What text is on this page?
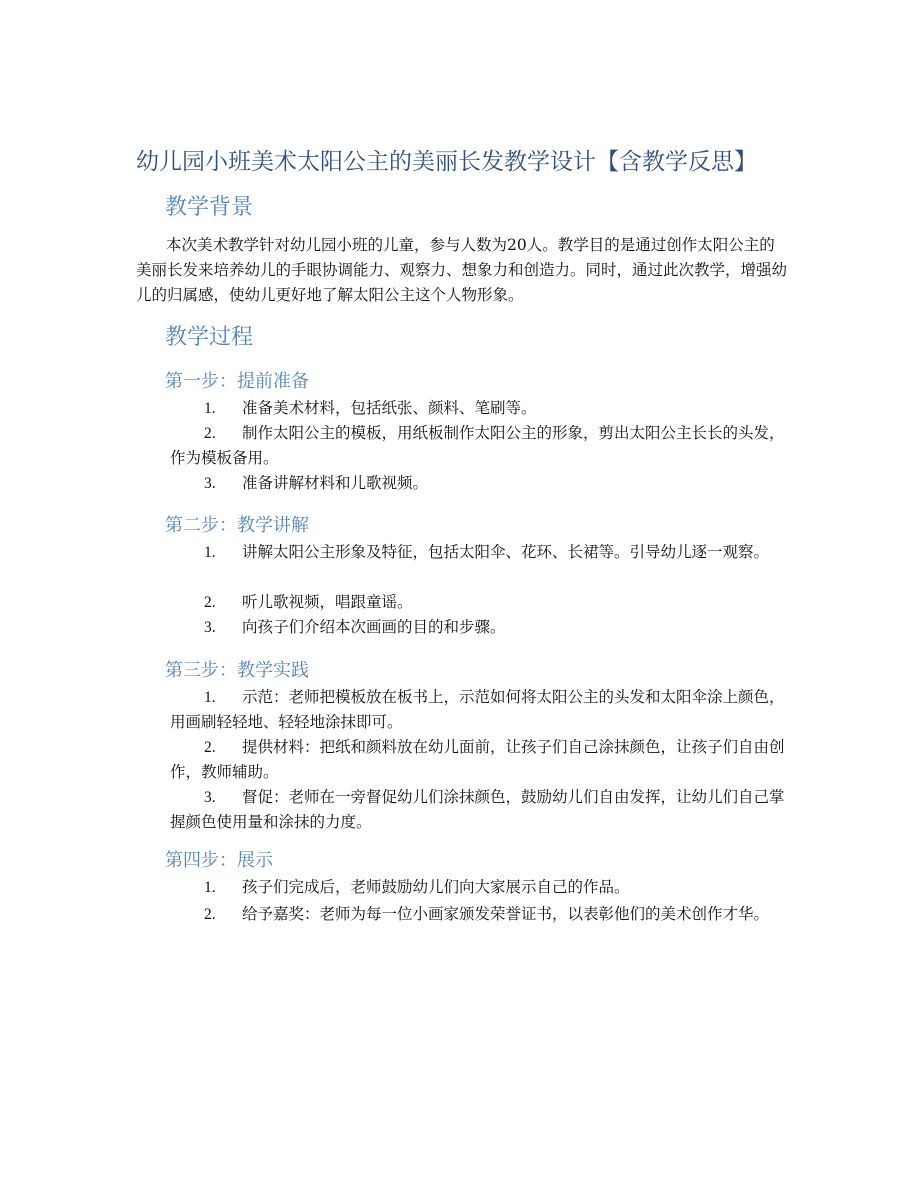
幼儿园小班美术太阳公主的美丽长发教学设计【含教学反思】
教学背景

本次美术教学针对幼儿园小班的儿童，参与人数为20人。教学目的是通过创作太阳公主的美丽长发来培养幼儿的手眼协调能力、观察力、想象力和创造力。同时，通过此次教学，增强幼儿的归属感，使幼儿更好地了解太阳公主这个人物形象。

教学过程
第一步：提前准备

1. 准备美术材料，包括纸张、颜料、笔刷等。

2. 制作太阳公主的模板，用纸板制作太阳公主的形象，剪出太阳公主长长的头发，作为模板备用。

3. 准备讲解材料和儿歌视频。

第二步：教学讲解

1. 讲解太阳公主形象及特征，包括太阳伞、花环、长裙等。引导幼儿逐一观察。

2. 听儿歌视频，唱跟童谣。

3. 向孩子们介绍本次画画的目的和步骤。

第三步：教学实践

1. 示范：老师把模板放在板书上，示范如何将太阳公主的头发和太阳伞涂上颜色，用画刷轻轻地、轻轻地涂抹即可。

2. 提供材料：把纸和颜料放在幼儿面前，让孩子们自己涂抹颜色，让孩子们自由创作，教师辅助。

3. 督促：老师在一旁督促幼儿们涂抹颜色，鼓励幼儿们自由发挥，让幼儿们自己掌握颜色使用量和涂抹的力度。

第四步：展示

1. 孩子们完成后，老师鼓励幼儿们向大家展示自己的作品。

2. 给予嘉奖：老师为每一位小画家颁发荣誉证书，以表彰他们的美术创作才华。
